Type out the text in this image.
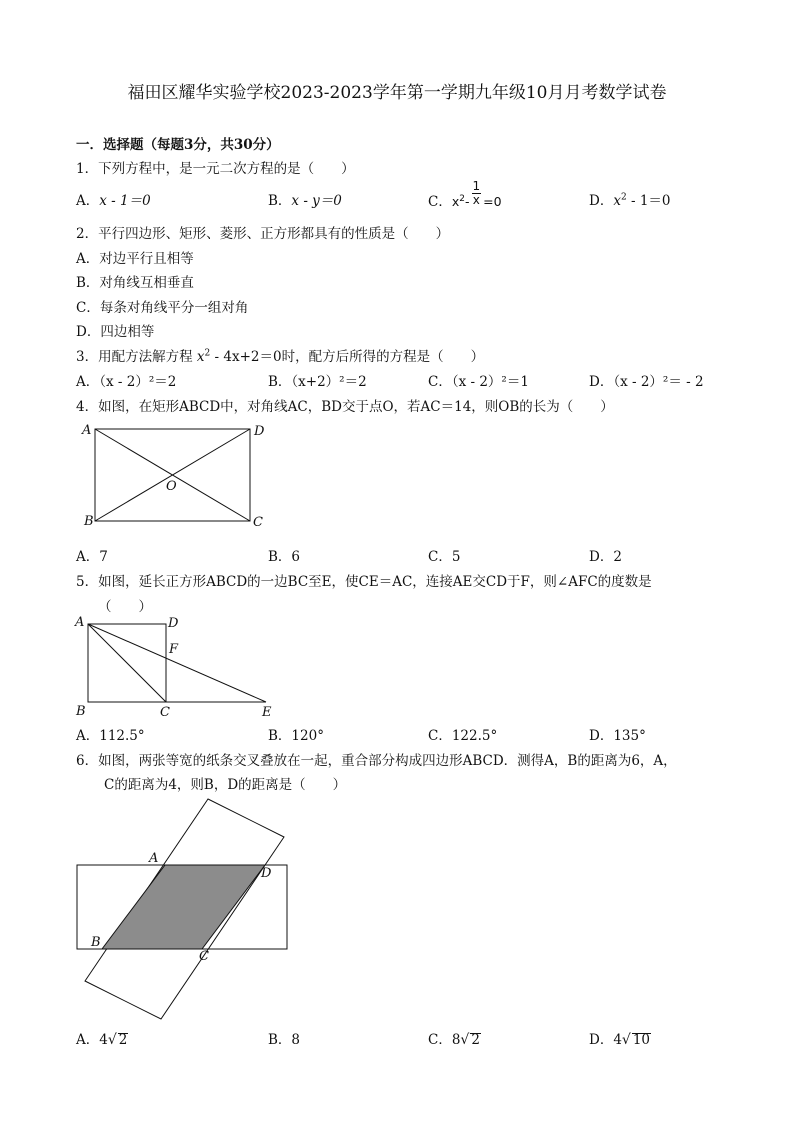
福田区耀华实验学校2023-2023学年第一学期九年级10月月考数学试卷
一．选择题（每题3分，共30分）
1．下列方程中，是一元二次方程的是（　　）
A．x - 1＝0	B．x - y＝0	C．$x^2- \frac{1}{x} =0$	D．$x^2 - 1=0$
2．平行四边形、矩形、菱形、正方形都具有的性质是（　　）
A．对边平行且相等
B．对角线互相垂直
C．每条对角线平分一组对角
D．四边相等
3．用配方法解方程 $x^2 - 4x+2=0$时，配方后所得的方程是（　　）
A．（x - 2）²＝2	B．（x+2）²＝2	C．（x - 2）²＝1	D．（x - 2）²＝ - 2
4．如图，在矩形ABCD中，对角线AC，BD交于点O，若AC＝14，则OB的长为（　　）
A	D
O
B	C
A．7	B．6	C．5	D．2
5．如图，延长正方形ABCD的一边BC至E，使CE＝AC，连接AE交CD于F，则∠AFC的度数是
（　　）
A	D
F
B	C	E
A．112.5°	B．120°	C．122.5°	D．135°
6．如图，两张等宽的纸条交叉叠放在一起，重合部分构成四边形ABCD．测得A，B的距离为6，A，
C的距离为4，则B，D的距离是（　　）
A
D
B
C
A．4√ 2	B．8	C．8√ 2	D．4√ 10
